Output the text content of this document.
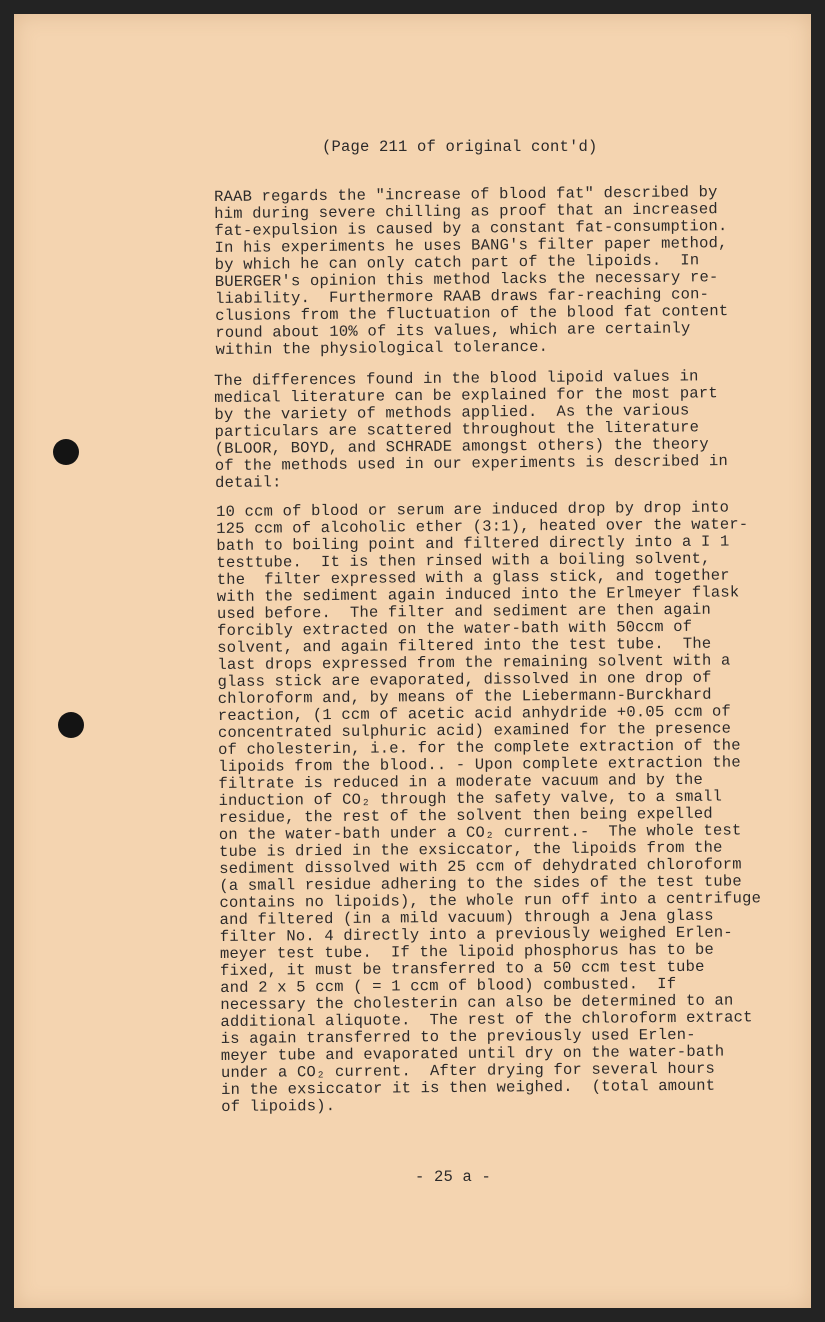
(Page 211 of original cont'd)
RAAB regards the "increase of blood fat" described by
him during severe chilling as proof that an increased
fat-expulsion is caused by a constant fat-consumption.
In his experiments he uses BANG's filter paper method,
by which he can only catch part of the lipoids.  In
BUERGER's opinion this method lacks the necessary re-
liability.  Furthermore RAAB draws far-reaching con-
clusions from the fluctuation of the blood fat content
round about 10% of its values, which are certainly
within the physiological tolerance.
The differences found in the blood lipoid values in
medical literature can be explained for the most part
by the variety of methods applied.  As the various
particulars are scattered throughout the literature
(BLOOR, BOYD, and SCHRADE amongst others) the theory
of the methods used in our experiments is described in
detail:
10 ccm of blood or serum are induced drop by drop into
125 ccm of alcoholic ether (3:1), heated over the water-
bath to boiling point and filtered directly into a I 1
testtube.  It is then rinsed with a boiling solvent,
the  filter expressed with a glass stick, and together
with the sediment again induced into the Erlmeyer flask
used before.  The filter and sediment are then again
forcibly extracted on the water-bath with 50ccm of
solvent, and again filtered into the test tube.  The
last drops expressed from the remaining solvent with a
glass stick are evaporated, dissolved in one drop of
chloroform and, by means of the Liebermann-Burckhard
reaction, (1 ccm of acetic acid anhydride +0.05 ccm of
concentrated sulphuric acid) examined for the presence
of cholesterin, i.e. for the complete extraction of the
lipoids from the blood.. - Upon complete extraction the
filtrate is reduced in a moderate vacuum and by the
induction of CO₂ through the safety valve, to a small
residue, the rest of the solvent then being expelled
on the water-bath under a CO₂ current.-  The whole test
tube is dried in the exsiccator, the lipoids from the
sediment dissolved with 25 ccm of dehydrated chloroform
(a small residue adhering to the sides of the test tube
contains no lipoids), the whole run off into a centrifuge
and filtered (in a mild vacuum) through a Jena glass
filter No. 4 directly into a previously weighed Erlen-
meyer test tube.  If the lipoid phosphorus has to be
fixed, it must be transferred to a 50 ccm test tube
and 2 x 5 ccm ( = 1 ccm of blood) combusted.  If
necessary the cholesterin can also be determined to an
additional aliquote.  The rest of the chloroform extract
is again transferred to the previously used Erlen-
meyer tube and evaporated until dry on the water-bath
under a CO₂ current.  After drying for several hours
in the exsiccator it is then weighed.  (total amount
of lipoids).
- 25 a -
